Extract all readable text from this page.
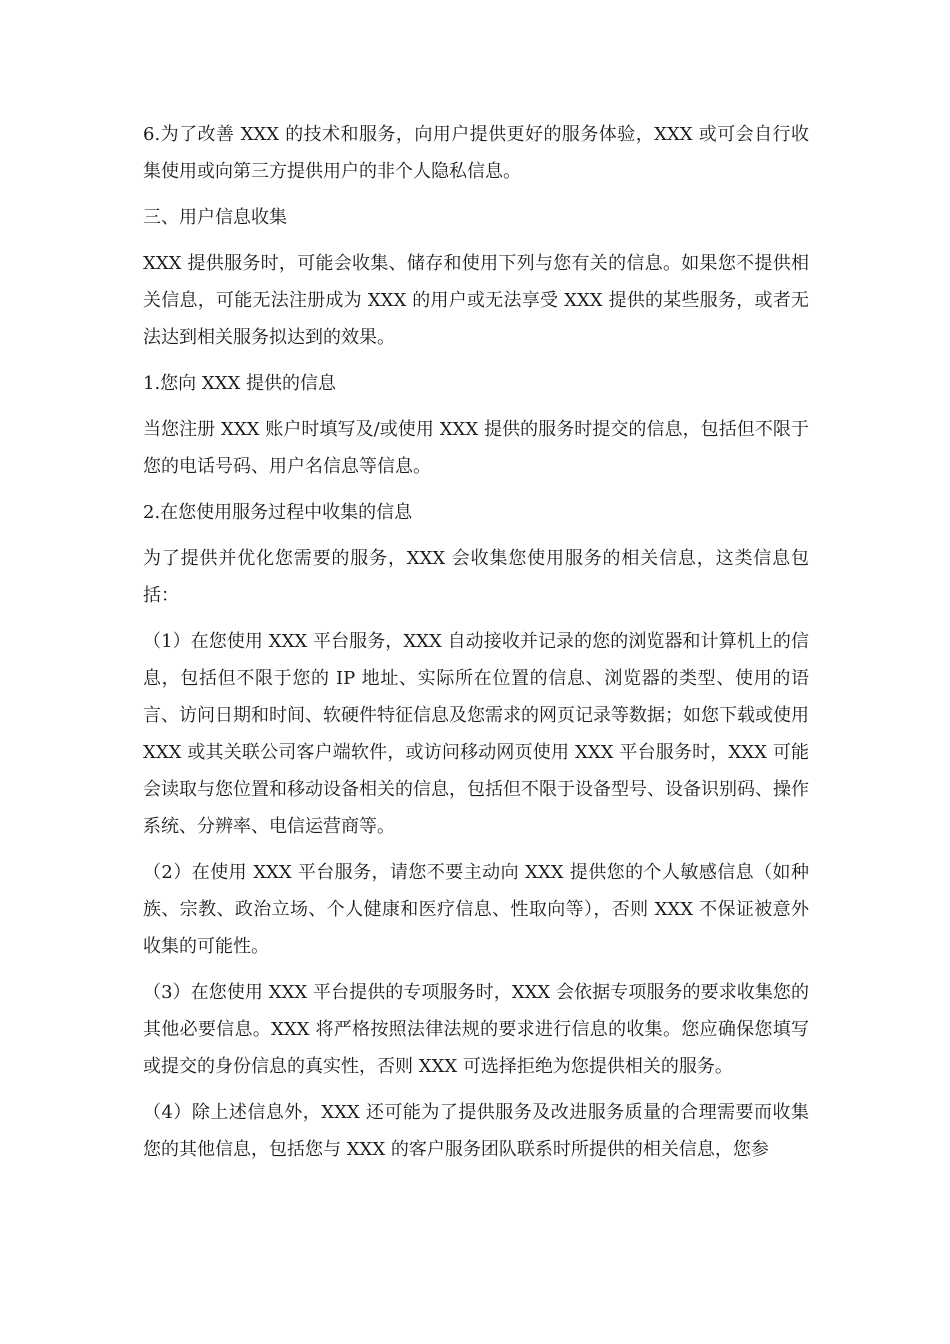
6.为了改善 XXX 的技术和服务，向用户提供更好的服务体验，XXX 或可会自行收集使用或向第三方提供用户的非个人隐私信息。

三、用户信息收集

XXX 提供服务时，可能会收集、储存和使用下列与您有关的信息。如果您不提供相关信息，可能无法注册成为 XXX 的用户或无法享受 XXX 提供的某些服务，或者无法达到相关服务拟达到的效果。

1.您向 XXX 提供的信息

当您注册 XXX 账户时填写及/或使用 XXX 提供的服务时提交的信息，包括但不限于您的电话号码、用户名信息等信息。

2.在您使用服务过程中收集的信息

为了提供并优化您需要的服务，XXX 会收集您使用服务的相关信息，这类信息包括：

（1）在您使用 XXX 平台服务，XXX 自动接收并记录的您的浏览器和计算机上的信息，包括但不限于您的 IP 地址、实际所在位置的信息、浏览器的类型、使用的语言、访问日期和时间、软硬件特征信息及您需求的网页记录等数据；如您下载或使用 XXX 或其关联公司客户端软件，或访问移动网页使用 XXX 平台服务时，XXX 可能会读取与您位置和移动设备相关的信息，包括但不限于设备型号、设备识别码、操作系统、分辨率、电信运营商等。

（2）在使用 XXX 平台服务，请您不要主动向 XXX 提供您的个人敏感信息（如种族、宗教、政治立场、个人健康和医疗信息、性取向等），否则 XXX 不保证被意外收集的可能性。

（3）在您使用 XXX 平台提供的专项服务时，XXX 会依据专项服务的要求收集您的其他必要信息。XXX 将严格按照法律法规的要求进行信息的收集。您应确保您填写或提交的身份信息的真实性，否则 XXX 可选择拒绝为您提供相关的服务。

（4）除上述信息外，XXX 还可能为了提供服务及改进服务质量的合理需要而收集您的其他信息，包括您与 XXX 的客户服务团队联系时所提供的相关信息，您参
